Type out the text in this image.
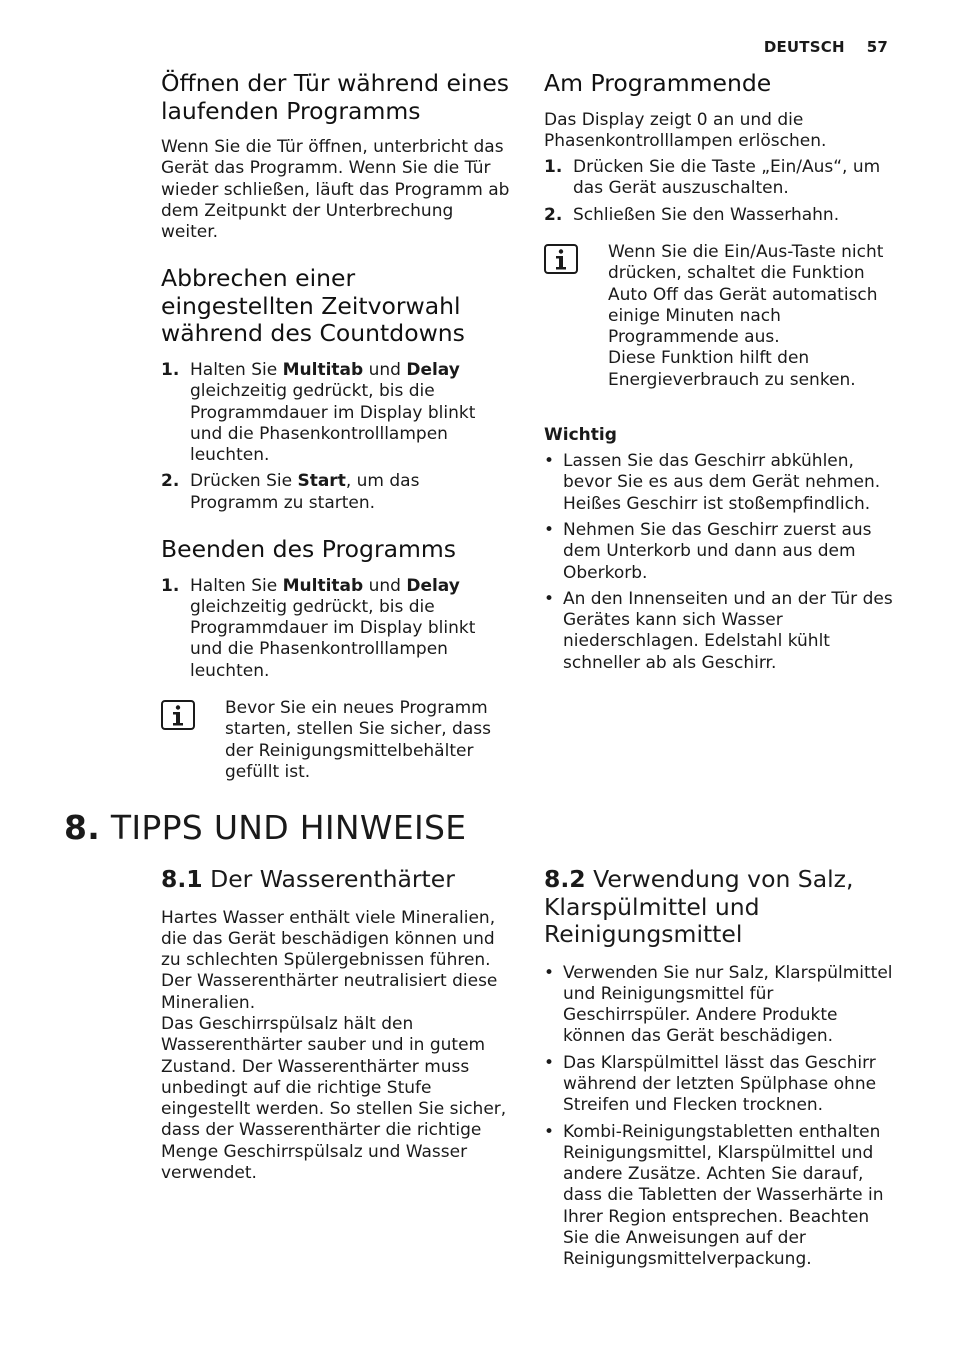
DEUTSCH 57
Öffnen der Tür während eines laufenden Programms

Wenn Sie die Tür öffnen, unterbricht das Gerät das Programm. Wenn Sie die Tür wieder schließen, läuft das Programm ab dem Zeitpunkt der Unterbrechung weiter.

Abbrechen einer eingestellten Zeitvorwahl während des Countdowns
1. Halten Sie Multitab und Delay gleichzeitig gedrückt, bis die Programmdauer im Display blinkt und die Phasenkontrolllampen leuchten.
2. Drücken Sie Start, um das Programm zu starten.
Beenden des Programms
1. Halten Sie Multitab und Delay gleichzeitig gedrückt, bis die Programmdauer im Display blinkt und die Phasenkontrolllampen leuchten.

Bevor Sie ein neues Programm starten, stellen Sie sicher, dass der Reinigungsmittelbehälter gefüllt ist.

Am Programmende

Das Display zeigt 0 an und die Phasenkontrolllampen erlöschen.

1. Drücken Sie die Taste „Ein/Aus“, um das Gerät auszuschalten.
2. Schließen Sie den Wasserhahn.

Wenn Sie die Ein/Aus-Taste nicht drücken, schaltet die Funktion Auto Off das Gerät automatisch einige Minuten nach Programmende aus.

Diese Funktion hilft den Energieverbrauch zu senken.

Wichtig
• Lassen Sie das Geschirr abkühlen, bevor Sie es aus dem Gerät nehmen. Heißes Geschirr ist stoßempfindlich.
• Nehmen Sie das Geschirr zuerst aus dem Unterkorb und dann aus dem Oberkorb.
• An den Innenseiten und an der Tür des Gerätes kann sich Wasser niederschlagen. Edelstahl kühlt schneller ab als Geschirr.
8. TIPPS UND HINWEISE
8.1 Der Wasserenthärter

Hartes Wasser enthält viele Mineralien, die das Gerät beschädigen können und zu schlechten Spülergebnissen führen. Der Wasserenthärter neutralisiert diese Mineralien.

Das Geschirrspülsalz hält den Wasserenthärter sauber und in gutem Zustand. Der Wasserenthärter muss unbedingt auf die richtige Stufe eingestellt werden. So stellen Sie sicher, dass der Wasserenthärter die richtige Menge Geschirrspülsalz und Wasser verwendet.

8.2 Verwendung von Salz, Klarspülmittel und Reinigungsmittel
• Verwenden Sie nur Salz, Klarspülmittel und Reinigungsmittel für Geschirrspüler. Andere Produkte können das Gerät beschädigen.
• Das Klarspülmittel lässt das Geschirr während der letzten Spülphase ohne Streifen und Flecken trocknen.
• Kombi-Reinigungstabletten enthalten Reinigungsmittel, Klarspülmittel und andere Zusätze. Achten Sie darauf, dass die Tabletten der Wasserhärte in Ihrer Region entsprechen. Beachten Sie die Anweisungen auf der Reinigungsmittelverpackung.
